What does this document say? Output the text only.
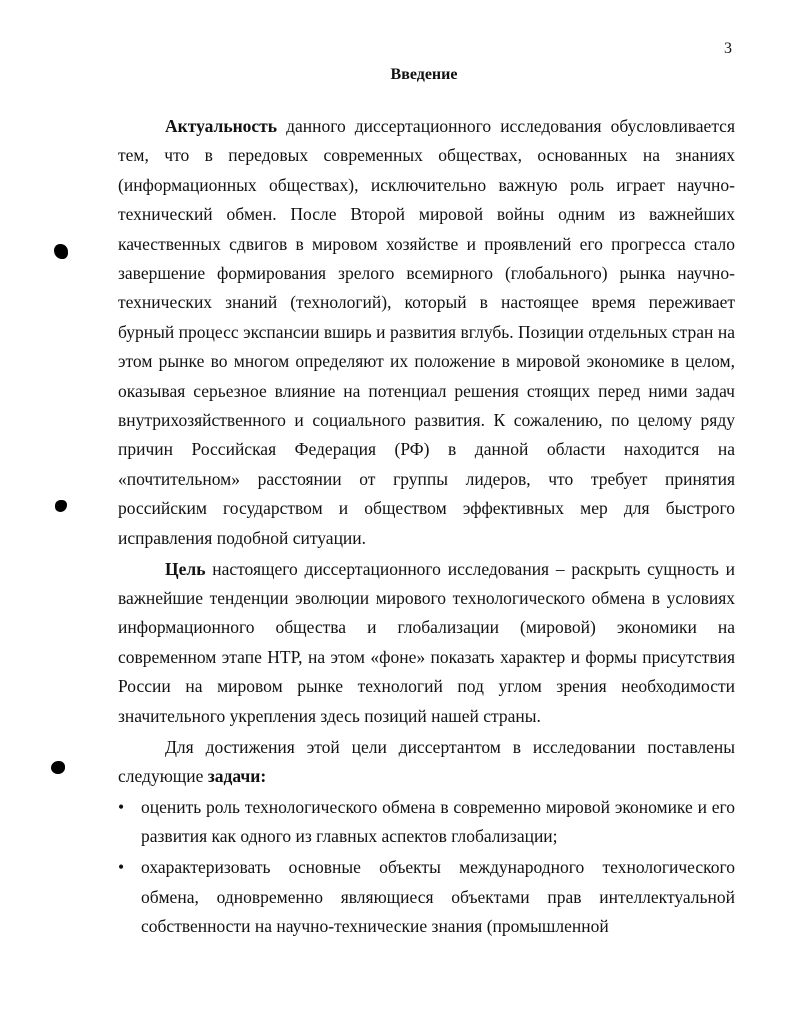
3
Введение

Актуальность данного диссертационного исследования обусловливается тем, что в передовых современных обществах, основанных на знаниях (информационных обществах), исключительно важную роль играет научно-технический обмен. После Второй мировой войны одним из важнейших качественных сдвигов в мировом хозяйстве и проявлений его прогресса стало завершение формирования зрелого всемирного (глобального) рынка научно-технических знаний (технологий), который в настоящее время переживает бурный процесс экспансии вширь и развития вглубь. Позиции отдельных стран на этом рынке во многом определяют их положение в мировой экономике в целом, оказывая серьезное влияние на потенциал решения стоящих перед ними задач внутрихозяйственного и социального развития. К сожалению, по целому ряду причин Российская Федерация (РФ) в данной области находится на «почтительном» расстоянии от группы лидеров, что требует принятия российским государством и обществом эффективных мер для быстрого исправления подобной ситуации.

Цель настоящего диссертационного исследования – раскрыть сущность и важнейшие тенденции эволюции мирового технологического обмена в условиях информационного общества и глобализации (мировой) экономики на современном этапе НТР, на этом «фоне» показать характер и формы присутствия России на мировом рынке технологий под углом зрения необходимости значительного укрепления здесь позиций нашей страны.

Для достижения этой цели диссертантом в исследовании поставлены следующие задачи:

• оценить роль технологического обмена в современно мировой экономике и его развития как одного из главных аспектов глобализации;
• охарактеризовать основные объекты международного технологического обмена, одновременно являющиеся объектами прав интеллектуальной собственности на научно-технические знания (промышленной
